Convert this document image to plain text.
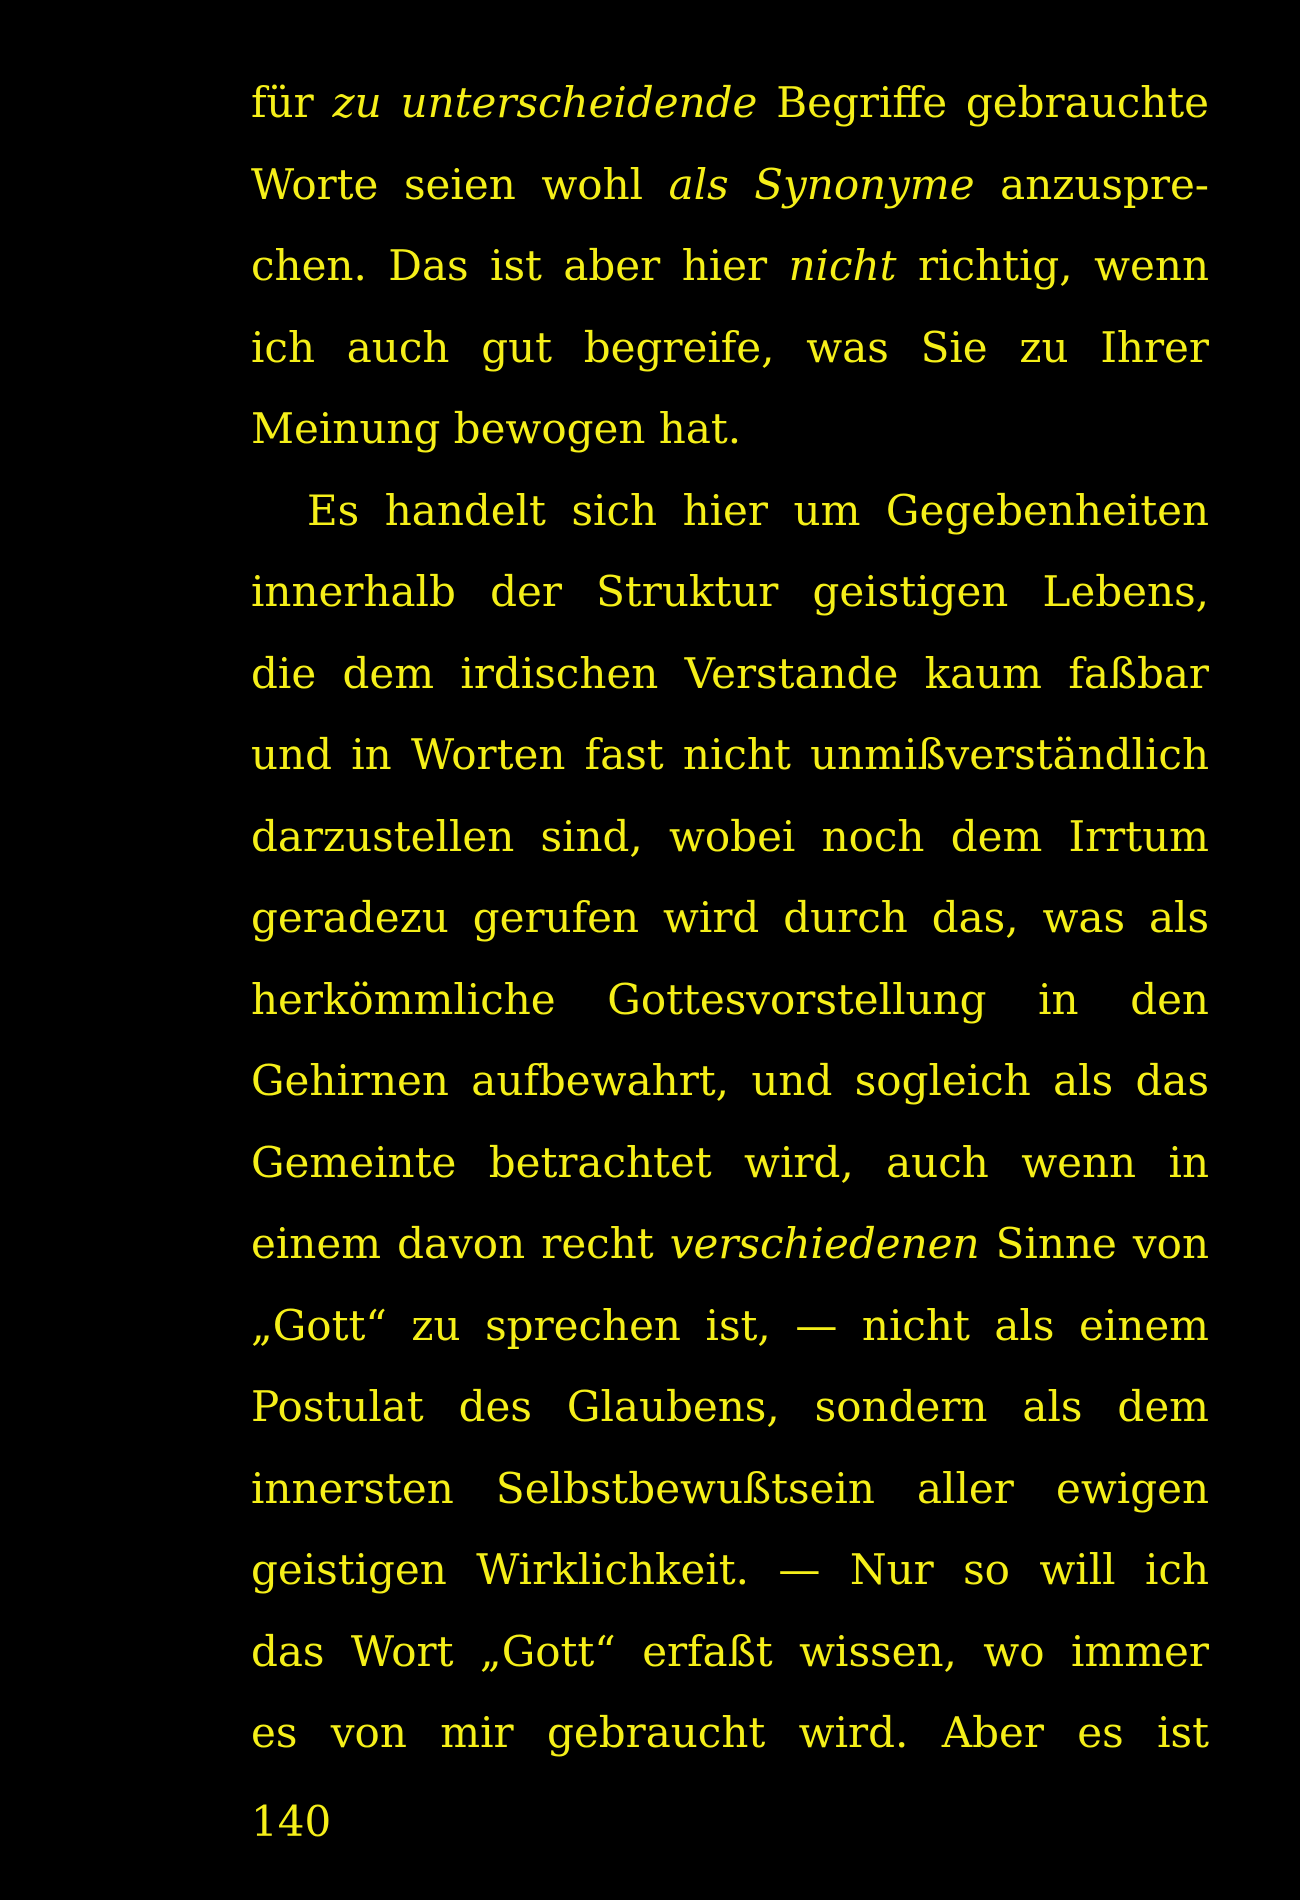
für zu unterscheidende Begriffe gebrauchte
Worte seien wohl als Synonyme anzuspre-
chen. Das ist aber hier nicht richtig, wenn
ich auch gut begreife, was Sie zu Ihrer
Meinung bewogen hat.
Es handelt sich hier um Gegebenheiten
innerhalb der Struktur geistigen Lebens,
die dem irdischen Verstande kaum faßbar
und in Worten fast nicht unmißverständlich
darzustellen sind, wobei noch dem Irrtum
geradezu gerufen wird durch das, was als
herkömmliche Gottesvorstellung in den
Gehirnen aufbewahrt, und sogleich als das
Gemeinte betrachtet wird, auch wenn in
einem davon recht verschiedenen Sinne von
„Gott“ zu sprechen ist, — nicht als einem
Postulat des Glaubens, sondern als dem
innersten Selbstbewußtsein aller ewigen
geistigen Wirklichkeit. — Nur so will ich
das Wort „Gott“ erfaßt wissen, wo immer
es von mir gebraucht wird. Aber es ist
140
